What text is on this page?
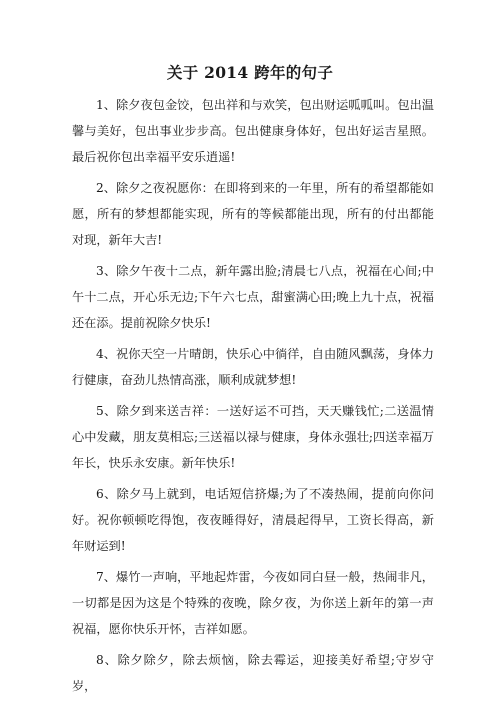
关于 2014 跨年的句子

1、除夕夜包金饺，包出祥和与欢笑，包出财运呱呱叫。包出温馨与美好，包出事业步步高。包出健康身体好，包出好运吉星照。最后祝你包出幸福平安乐逍遥!

2、除夕之夜祝愿你：在即将到来的一年里，所有的希望都能如愿，所有的梦想都能实现，所有的等候都能出现，所有的付出都能对现，新年大吉!

3、除夕午夜十二点，新年露出脸;清晨七八点，祝福在心间;中午十二点，开心乐无边;下午六七点，甜蜜满心田;晚上九十点，祝福还在添。提前祝除夕快乐!

4、祝你天空一片晴朗，快乐心中徜徉，自由随风飘荡，身体力行健康，奋劲儿热情高涨，顺利成就梦想!

5、除夕到来送吉祥：一送好运不可挡，天天赚钱忙;二送温情心中发藏，朋友莫相忘;三送福以禄与健康，身体永强壮;四送幸福万年长，快乐永安康。新年快乐!

6、除夕马上就到，电话短信挤爆;为了不凑热闹，提前向你问好。祝你顿顿吃得饱，夜夜睡得好，清晨起得早，工资长得高，新年财运到!

7、爆竹一声响，平地起炸雷，今夜如同白昼一般，热闹非凡，一切都是因为这是个特殊的夜晚，除夕夜，为你送上新年的第一声祝福，愿你快乐开怀，吉祥如愿。

8、除夕除夕，除去烦恼，除去霉运，迎接美好希望;守岁守岁，
